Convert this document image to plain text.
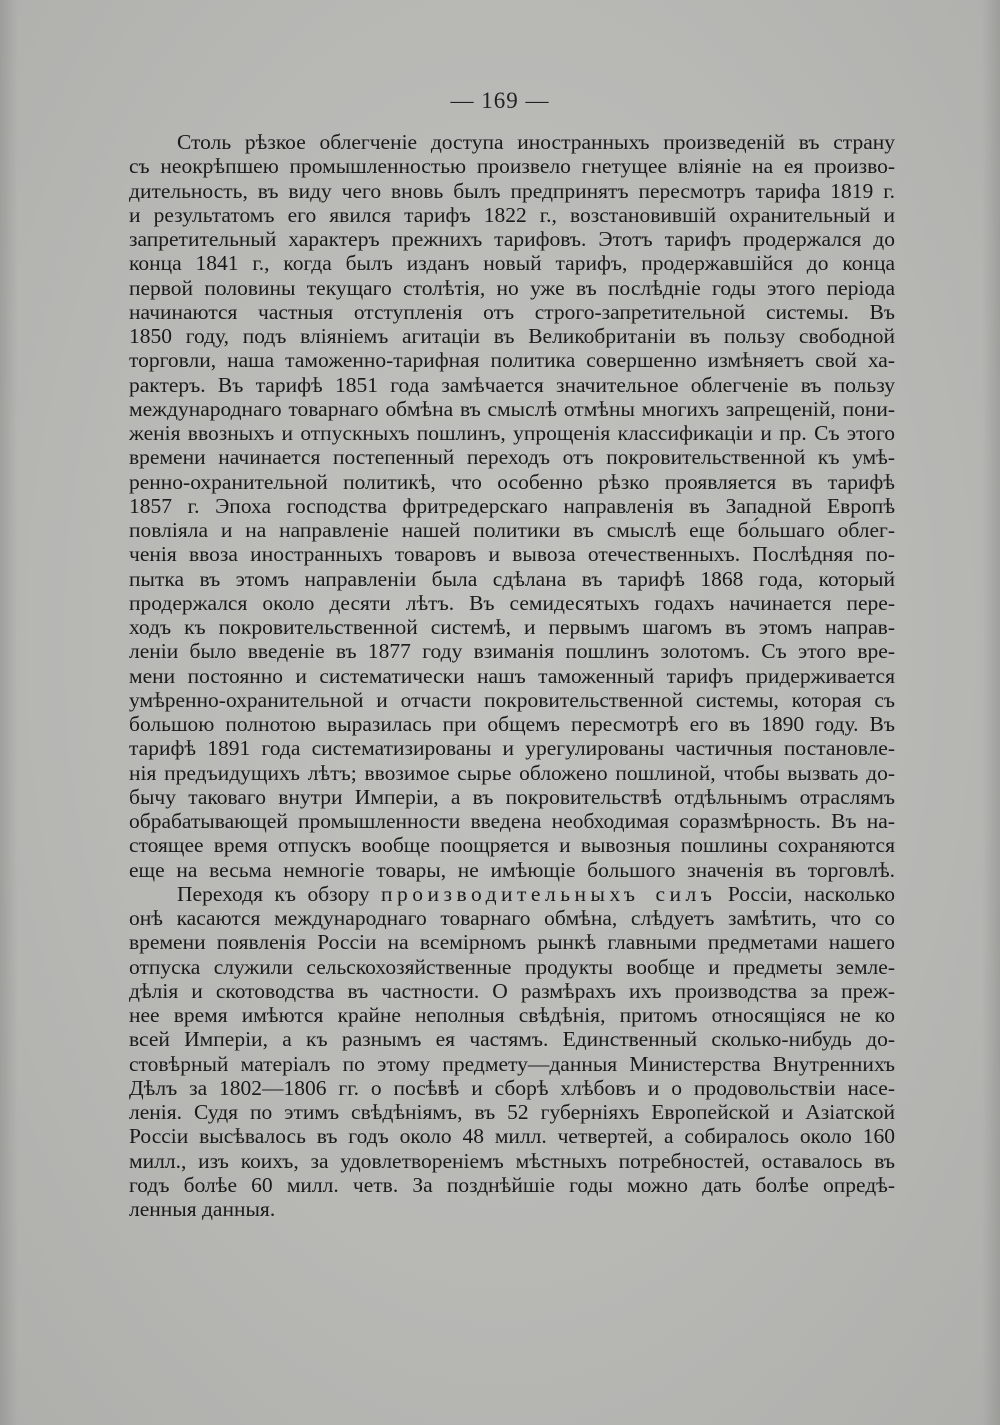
— 169 —
Столь рѣзкое облегченіе доступа иностранныхъ произведеній въ страну
съ неокрѣпшею промышленностью произвело гнетущее вліяніе на ея произво-
дительность, въ виду чего вновь былъ предпринятъ пересмотръ тарифа 1819 г.
и результатомъ его явился тарифъ 1822 г., возстановившій охранительный и
запретительный характеръ прежнихъ тарифовъ. Этотъ тарифъ продержался до
конца 1841 г., когда былъ изданъ новый тарифъ, продержавшійся до конца
первой половины текущаго столѣтія, но уже въ послѣдніе годы этого періода
начинаются частныя отступленія отъ строго-запретительной системы. Въ
1850 году, подъ вліяніемъ агитаціи въ Великобританіи въ пользу свободной
торговли, наша таможенно-тарифная политика совершенно измѣняетъ свой ха-
рактеръ. Въ тарифѣ 1851 года замѣчается значительное облегченіе въ пользу
международнаго товарнаго обмѣна въ смыслѣ отмѣны многихъ запрещеній, пони-
женія ввозныхъ и отпускныхъ пошлинъ, упрощенія классификаціи и пр. Съ этого
времени начинается постепенный переходъ отъ покровительственной къ умѣ-
ренно-охранительной политикѣ, что особенно рѣзко проявляется въ тарифѣ
1857 г. Эпоха господства фритредерскаго направленія въ Западной Европѣ
повліяла и на направленіе нашей политики въ смыслѣ еще бо́льшаго облег-
ченія ввоза иностранныхъ товаровъ и вывоза отечественныхъ. Послѣдняя по-
пытка въ этомъ направленіи была сдѣлана въ тарифѣ 1868 года, который
продержался около десяти лѣтъ. Въ семидесятыхъ годахъ начинается пере-
ходъ къ покровительственной системѣ, и первымъ шагомъ въ этомъ направ-
леніи было введеніе въ 1877 году взиманія пошлинъ золотомъ. Съ этого вре-
мени постоянно и систематически нашъ таможенный тарифъ придерживается
умѣренно-охранительной и отчасти покровительственной системы, которая съ
большою полнотою выразилась при общемъ пересмотрѣ его въ 1890 году. Въ
тарифѣ 1891 года систематизированы и урегулированы частичныя постановле-
нія предъидущихъ лѣтъ; ввозимое сырье обложено пошлиной, чтобы вызвать до-
бычу таковаго внутри Имперіи, а въ покровительствѣ отдѣльнымъ отраслямъ
обрабатывающей промышленности введена необходимая соразмѣрность. Въ на-
стоящее время отпускъ вообще поощряется и вывозныя пошлины сохраняются
еще на весьма немногіе товары, не имѣющіе большого значенія въ торговлѣ.
Переходя къ обзору производительныхъ силъ Россіи, насколько
онѣ касаются международнаго товарнаго обмѣна, слѣдуетъ замѣтить, что со
времени появленія Россіи на всемірномъ рынкѣ главными предметами нашего
отпуска служили сельскохозяйственные продукты вообще и предметы земле-
дѣлія и скотоводства въ частности. О размѣрахъ ихъ производства за преж-
нее время имѣются крайне неполныя свѣдѣнія, притомъ относящіяся не ко
всей Имперіи, а къ разнымъ ея частямъ. Единственный сколько-нибудь до-
стовѣрный матеріалъ по этому предмету—данныя Министерства Внутреннихъ
Дѣлъ за 1802—1806 гг. о посѣвѣ и сборѣ хлѣбовъ и о продовольствіи насе-
ленія. Судя по этимъ свѣдѣніямъ, въ 52 губерніяхъ Европейской и Азіатской
Россіи высѣвалось въ годъ около 48 милл. четвертей, а собиралось около 160
милл., изъ коихъ, за удовлетвореніемъ мѣстныхъ потребностей, оставалось въ
годъ болѣе 60 милл. четв. За позднѣйшіе годы можно дать болѣе опредѣ-
ленныя данныя.
